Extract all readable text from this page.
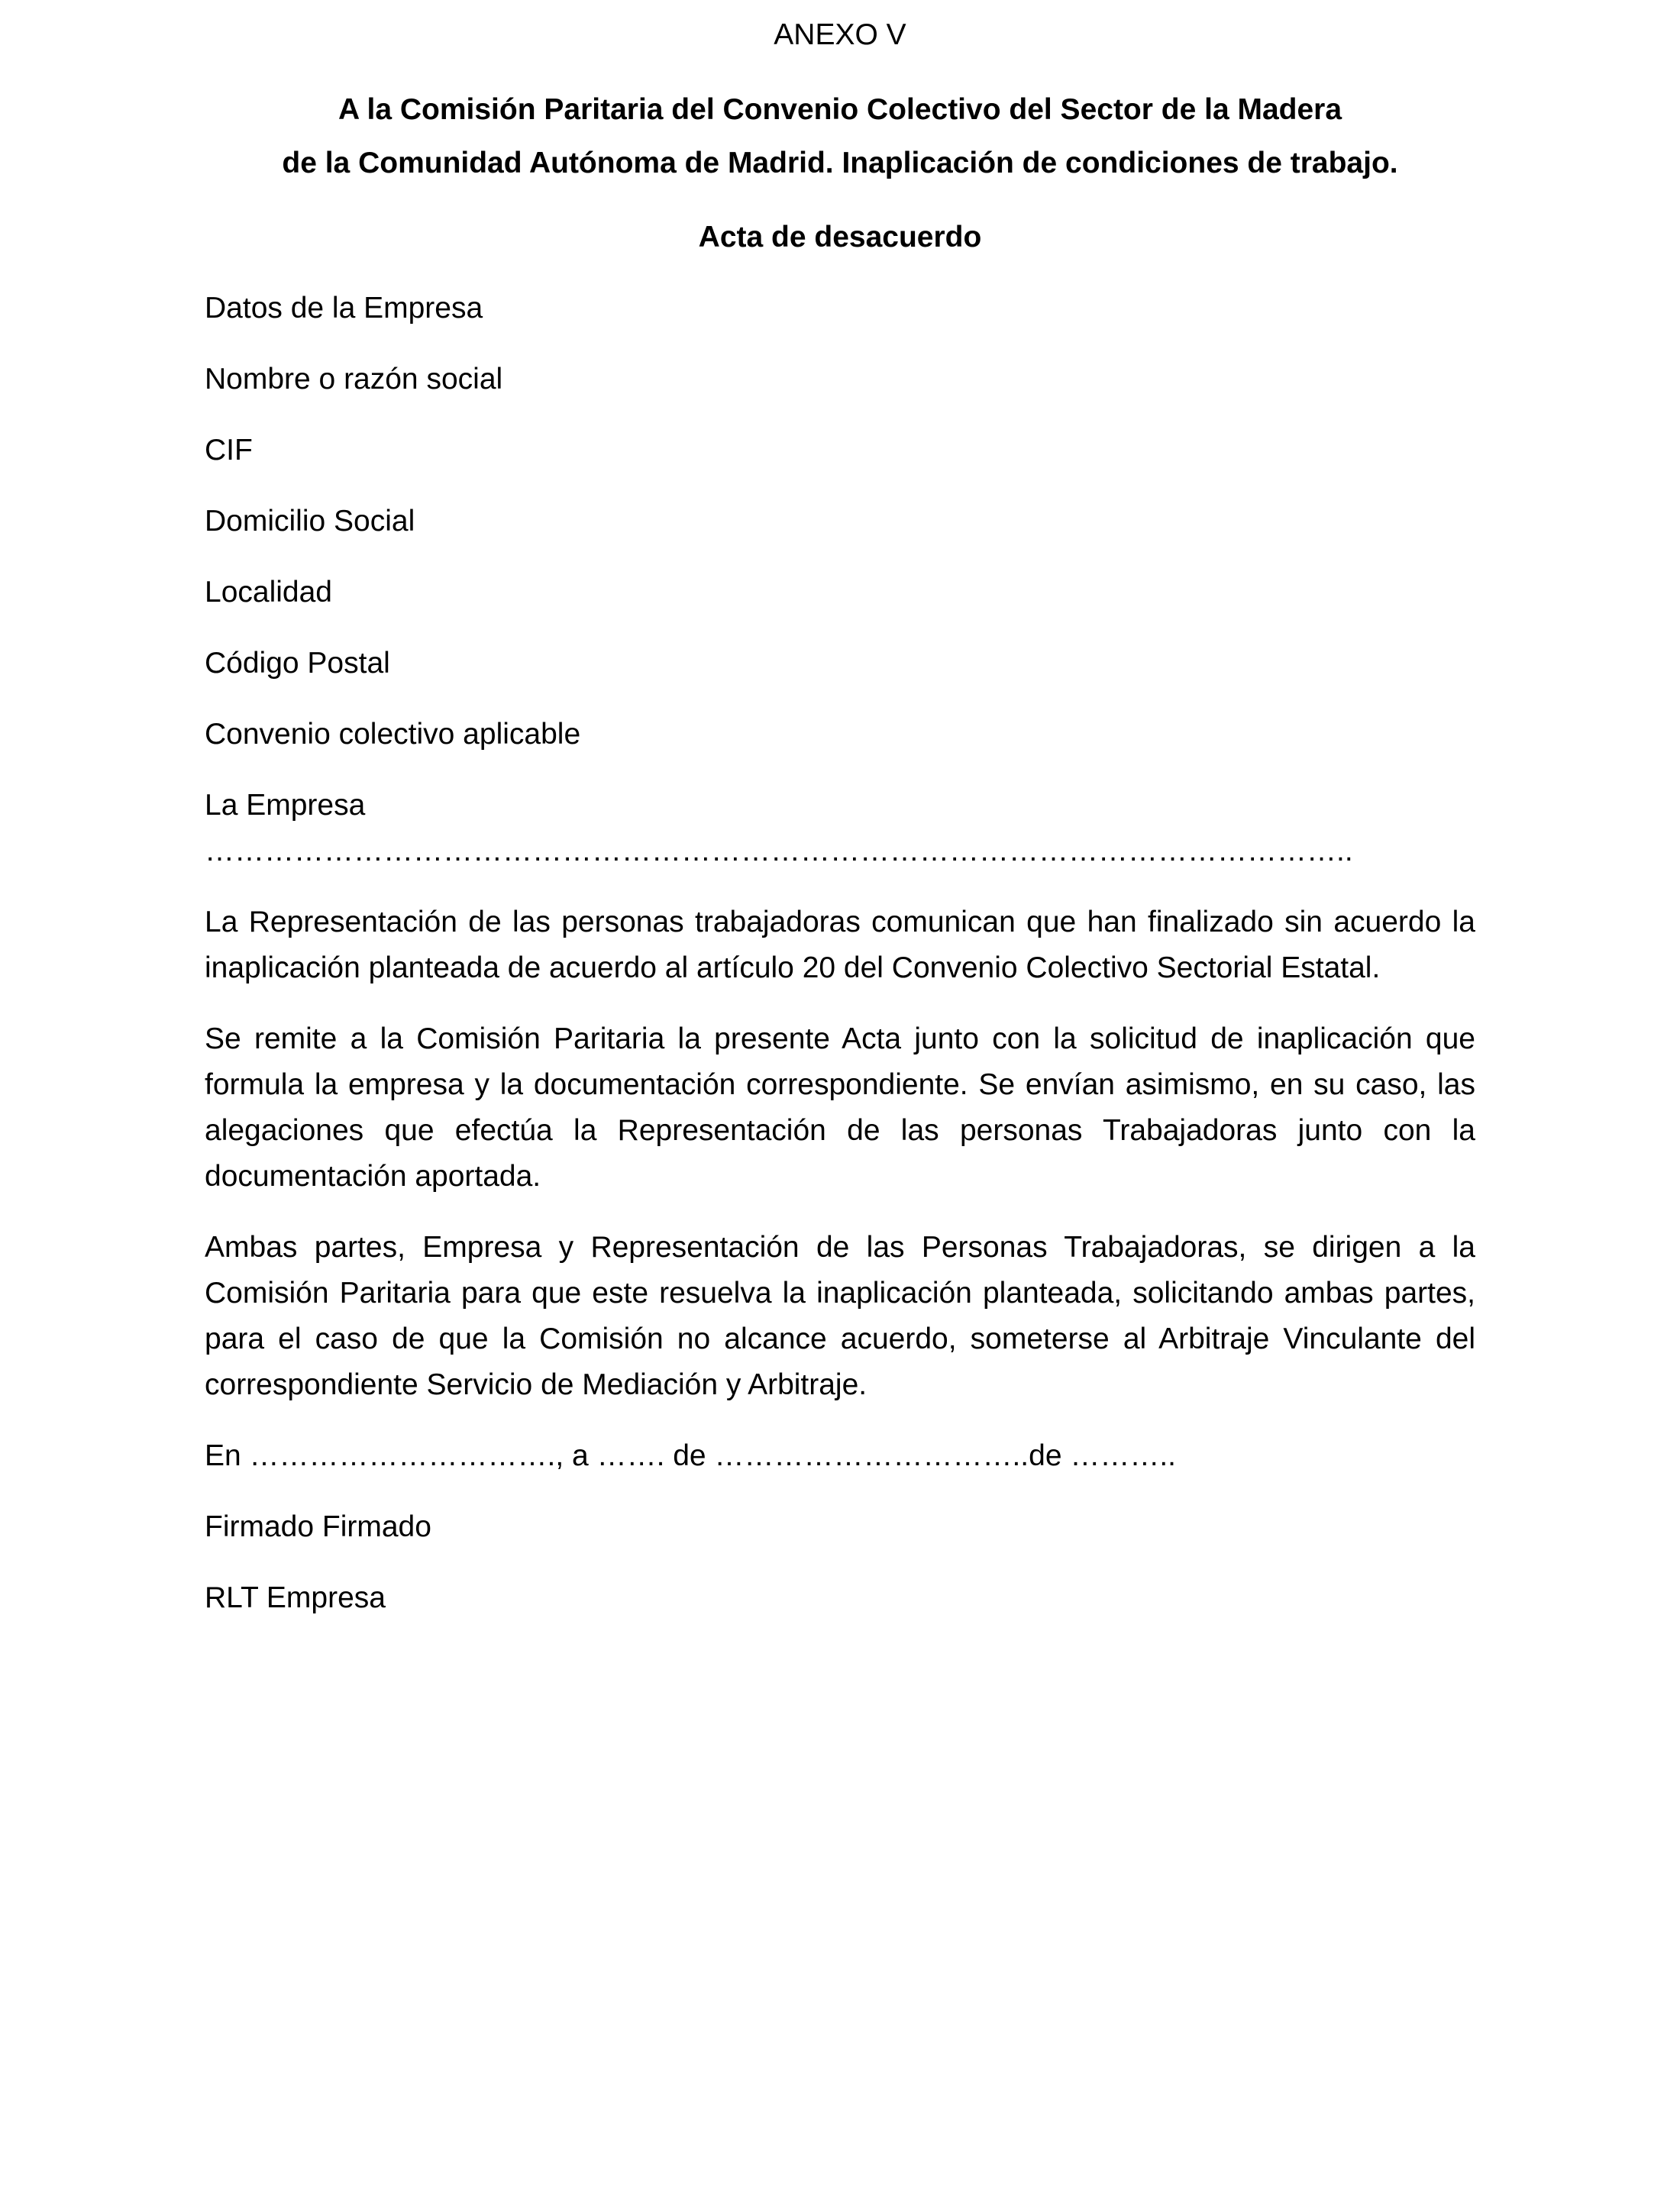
ANEXO V

A la Comisión Paritaria del Convenio Colectivo del Sector de la Madera

de la Comunidad Autónoma de Madrid. Inaplicación de condiciones de trabajo.

Acta de desacuerdo

Datos de la Empresa

Nombre o razón social

CIF

Domicilio Social

Localidad

Código Postal

Convenio colectivo aplicable

La Empresa ……………………………………………………………………………………………………..

La Representación de las personas trabajadoras comunican que han finalizado sin acuerdo la inaplicación planteada de acuerdo al artículo 20 del Convenio Colectivo Sectorial Estatal.

Se remite a la Comisión Paritaria la presente Acta junto con la solicitud de inaplicación que formula la empresa y la documentación correspondiente. Se envían asimismo, en su caso, las alegaciones que efectúa la Representación de las personas Trabajadoras junto con la documentación aportada.

Ambas partes, Empresa y Representación de las Personas Trabajadoras, se dirigen a la Comisión Paritaria para que este resuelva la inaplicación planteada, solicitando ambas partes, para el caso de que la Comisión no alcance acuerdo, someterse al Arbitraje Vinculante del correspondiente Servicio de Mediación y Arbitraje.

En …………………………., a ……. de …………………………..de ………..

Firmado Firmado

RLT Empresa
